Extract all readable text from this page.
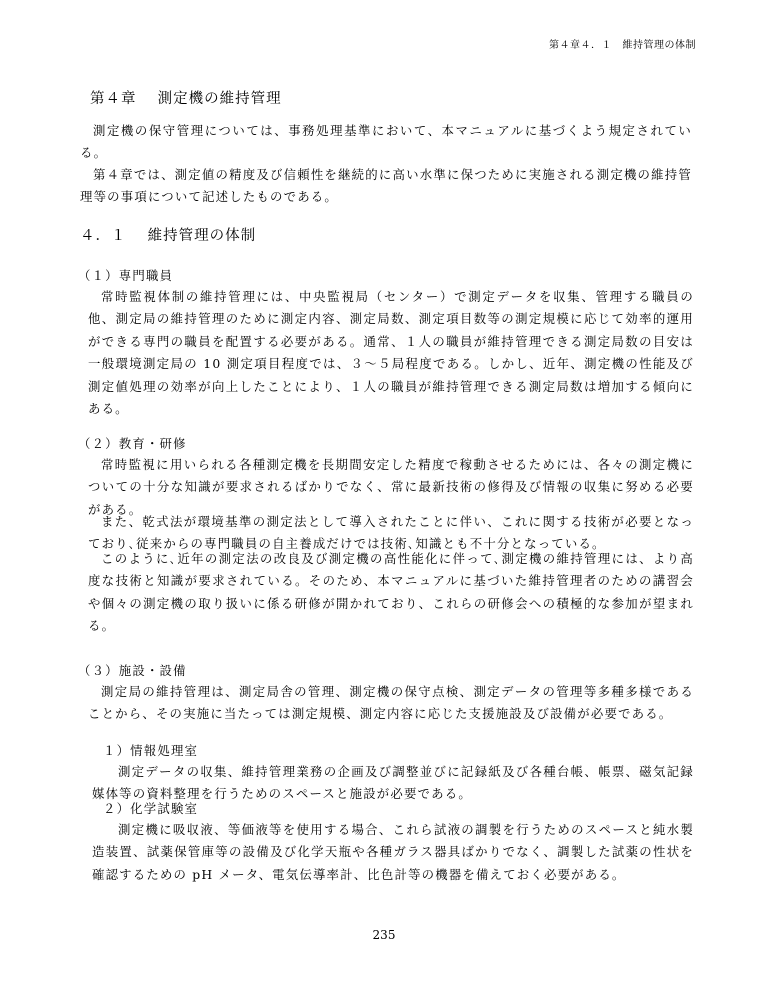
第４章４．１　維持管理の体制
第４章　 測定機の維持管理

測定機の保守管理については、事務処理基準において、本マニュアルに基づくよう規定されている。

第４章では、測定値の精度及び信頼性を継続的に高い水準に保つために実施される測定機の維持管理等の事項について記述したものである。

４．１　 維持管理の体制
（１）専門職員

常時監視体制の維持管理には、中央監視局（センター）で測定データを収集、管理する職員の他、測定局の維持管理のために測定内容、測定局数、測定項目数等の測定規模に応じて効率的運用ができる専門の職員を配置する必要がある。通常、１人の職員が維持管理できる測定局数の目安は一般環境測定局の 10 測定項目程度では、３～５局程度である。しかし、近年、測定機の性能及び測定値処理の効率が向上したことにより、１人の職員が維持管理できる測定局数は増加する傾向にある。

（２）教育・研修

常時監視に用いられる各種測定機を長期間安定した精度で稼動させるためには、各々の測定機についての十分な知識が要求されるばかりでなく、常に最新技術の修得及び情報の収集に努める必要がある。

また、乾式法が環境基準の測定法として導入されたことに伴い、これに関する技術が必要となっており､従来からの専門職員の自主養成だけでは技術､知識とも不十分となっている。

このように､近年の測定法の改良及び測定機の高性能化に伴って､測定機の維持管理には、より高度な技術と知識が要求されている。そのため、本マニュアルに基づいた維持管理者のための講習会や個々の測定機の取り扱いに係る研修が開かれており、これらの研修会への積極的な参加が望まれる。

（３）施設・設備

測定局の維持管理は、測定局舎の管理、測定機の保守点検、測定データの管理等多種多様であることから、その実施に当たっては測定規模、測定内容に応じた支援施設及び設備が必要である。

１）情報処理室

測定データの収集、維持管理業務の企画及び調整並びに記録紙及び各種台帳、帳票、磁気記録媒体等の資料整理を行うためのスペースと施設が必要である。

２）化学試験室

測定機に吸収液、等価液等を使用する場合、これら試液の調製を行うためのスペースと純水製造装置、試薬保管庫等の設備及び化学天瓶や各種ガラス器具ばかりでなく、調製した試薬の性状を確認するための pH メータ、電気伝導率計、比色計等の機器を備えておく必要がある。

235
